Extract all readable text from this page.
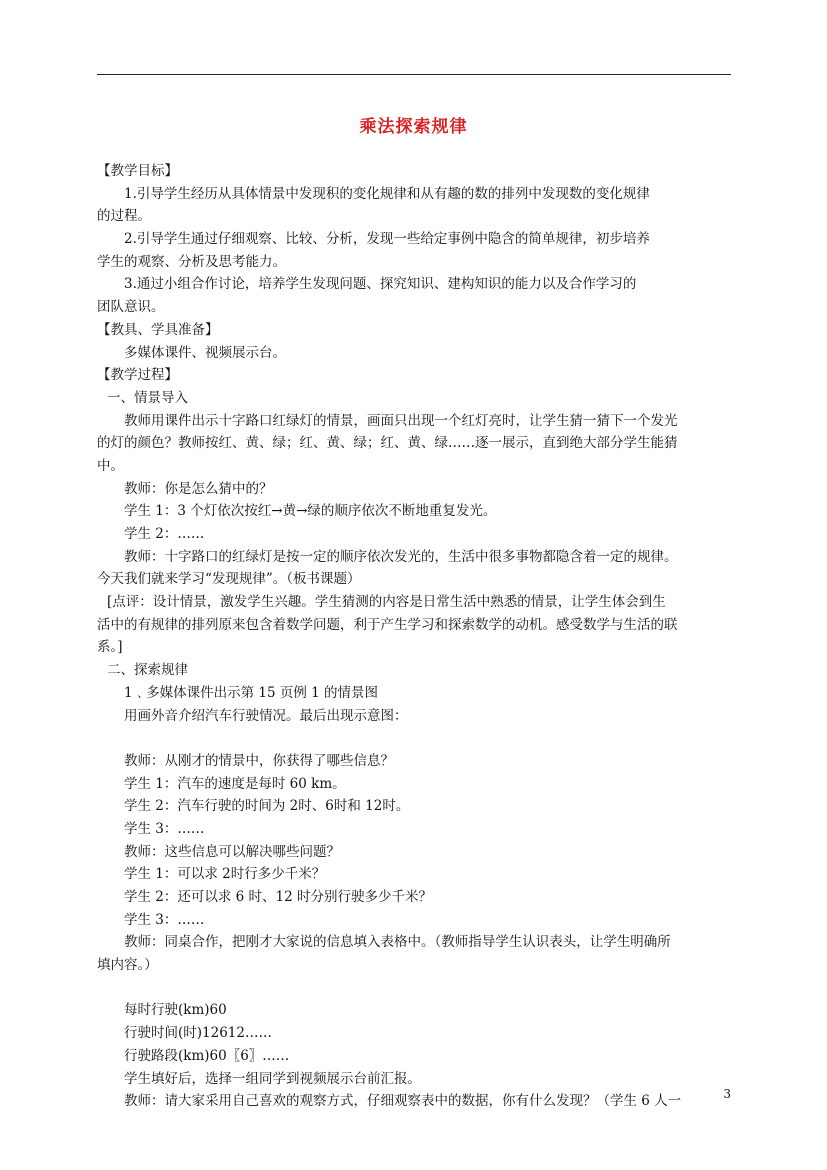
乘法探索规律
【教学目标】
1.引导学生经历从具体情景中发现积的变化规律和从有趣的数的排列中发现数的变化规律
的过程。
2.引导学生通过仔细观察、比较、分析，发现一些给定事例中隐含的简单规律，初步培养
学生的观察、分析及思考能力。
3.通过小组合作讨论，培养学生发现问题、探究知识、建构知识的能力以及合作学习的
团队意识。
【教具、学具准备】
多媒体课件、视频展示台。
【教学过程】
一、情景导入
教师用课件出示十字路口红绿灯的情景，画面只出现一个红灯亮时，让学生猜一猜下一个发光
的灯的颜色？教师按红、黄、绿；红、黄、绿；红、黄、绿……逐一展示，直到绝大部分学生能猜
中。
教师：你是怎么猜中的？
学生 1：3 个灯依次按红→黄→绿的顺序依次不断地重复发光。
学生 2：……
教师：十字路口的红绿灯是按一定的顺序依次发光的，生活中很多事物都隐含着一定的规律。
今天我们就来学习“发现规律”。（板书课题）
[点评：设计情景，激发学生兴趣。学生猜测的内容是日常生活中熟悉的情景，让学生体会到生
活中的有规律的排列原来包含着数学问题，利于产生学习和探索数学的动机。感受数学与生活的联
系。]
二、探索规律
1﹑多媒体课件出示第 15 页例 1 的情景图
用画外音介绍汽车行驶情况。最后出现示意图：
教师：从刚才的情景中，你获得了哪些信息？
学生 1：汽车的速度是每时 60 km。
学生 2：汽车行驶的时间为 2时、6时和 12时。
学生 3：……
教师：这些信息可以解决哪些问题？
学生 1：可以求 2时行多少千米？
学生 2：还可以求 6 时、12 时分别行驶多少千米？
学生 3：……
教师：同桌合作，把刚才大家说的信息填入表格中。（教师指导学生认识表头，让学生明确所
填内容。）
每时行驶(km)60
行驶时间(时)12612……
行驶路段(km)60〖6〗……
学生填好后，选择一组同学到视频展示台前汇报。
教师：请大家采用自己喜欢的观察方式，仔细观察表中的数据，你有什么发现？（学生 6 人一	3
